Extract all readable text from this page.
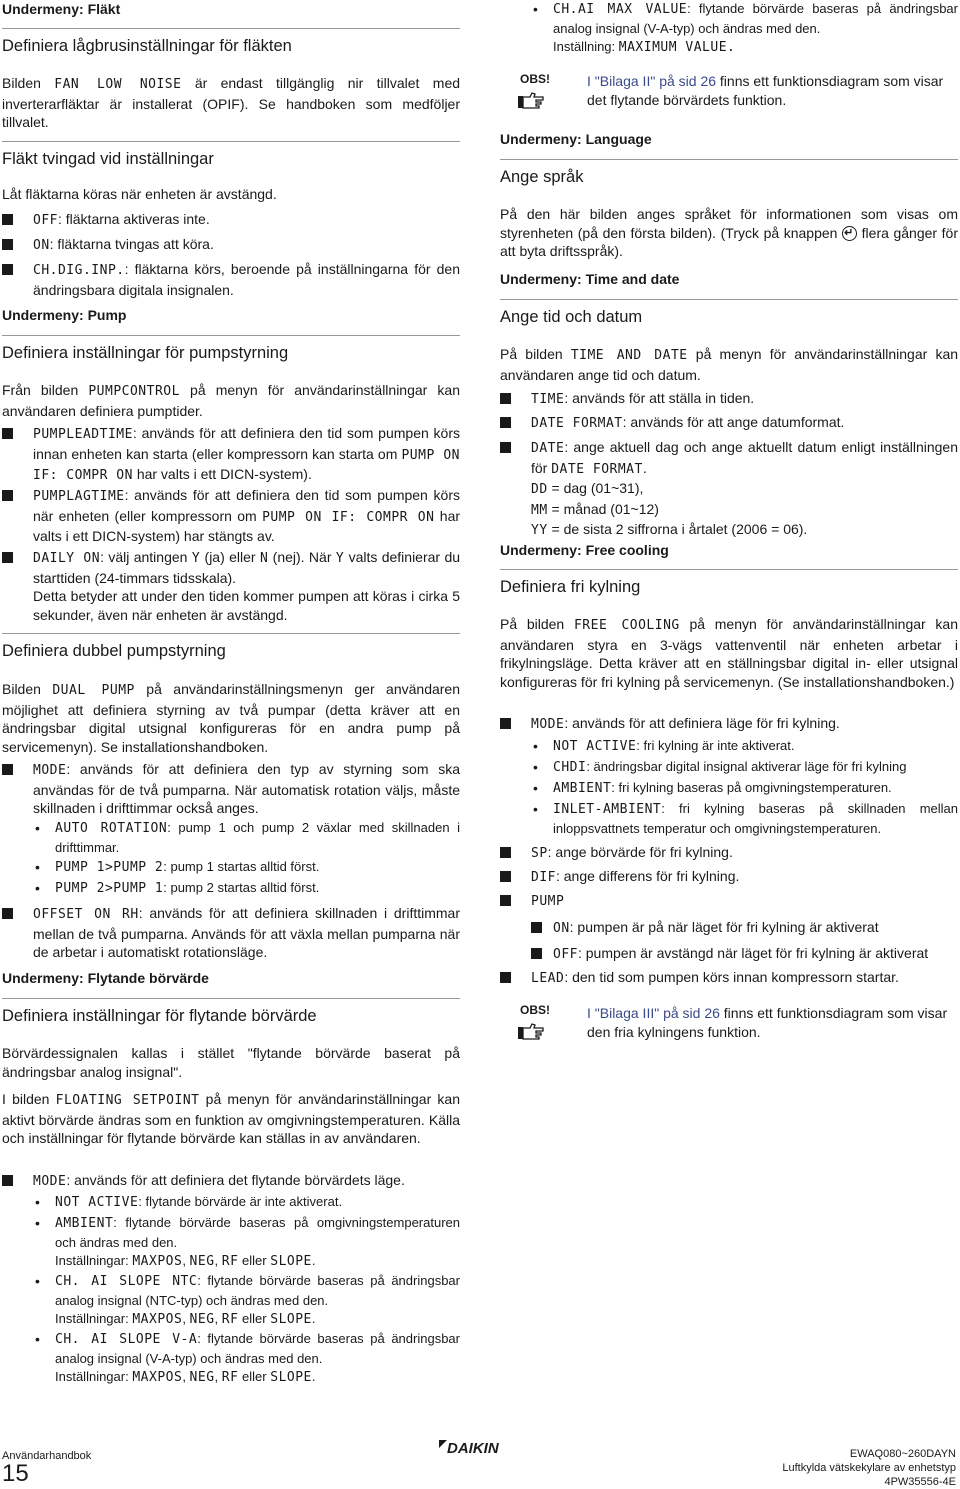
Undermeny: Fläkt
Definiera lågbrusinställningar för fläkten
Bilden FAN LOW NOISE är endast tillgänglig nir tillvalet med inverterarfläktar är installerat (OPIF). Se handboken som medföljer tillvalet.
Fläkt tvingad vid inställningar
Låt fläktarna köras när enheten är avstängd.
OFF: fläktarna aktiveras inte.
ON: fläktarna tvingas att köra.
CH.DIG.INP.: fläktarna körs, beroende på inställningarna för den ändringsbara digitala insignalen.
Undermeny: Pump
Definiera inställningar för pumpstyrning
Från bilden PUMPCONTROL på menyn för användarinställningar kan användaren definiera pumptider.
PUMPLEADTIME: används för att definiera den tid som pumpen körs innan enheten kan starta (eller kompressorn kan starta om PUMP ON IF: COMPR ON har valts i ett DICN-system).
PUMPLAGTIME: används för att definiera den tid som pumpen körs när enheten (eller kompressorn om PUMP ON IF: COMPR ON har valts i ett DICN-system) har stängts av.
DAILY ON: välj antingen Y (ja) eller N (nej). När Y valts definierar du starttiden (24-timmars tidsskala).
Detta betyder att under den tiden kommer pumpen att köras i cirka 5 sekunder, även när enheten är avstängd.
Definiera dubbel pumpstyrning
Bilden DUAL PUMP på användarinställningsmenyn ger användaren möjlighet att definiera styrning av två pumpar (detta kräver att en ändringsbar digital utsignal konfigureras för en andra pump på servicemenyn). Se installationshandboken.
MODE: används för att definiera den typ av styrning som ska användas för de två pumparna. När automatisk rotation väljs, måste skillnaden i drifttimmar också anges.
• AUTO ROTATION: pump 1 och pump 2 växlar med skillnaden i drifttimmar.
• PUMP 1>PUMP 2: pump 1 startas alltid först.
• PUMP 2>PUMP 1: pump 2 startas alltid först.
OFFSET ON RH: används för att definiera skillnaden i drifttimmar mellan de två pumparna. Används för att växla mellan pumparna när de arbetar i automatiskt rotationsläge.
Undermeny: Flytande börvärde
Definiera inställningar för flytande börvärde
Börvärdessignalen kallas i stället "flytande börvärde baserat på ändringsbar analog insignal".
I bilden FLOATING SETPOINT på menyn för användarinställningar kan aktivt börvärde ändras som en funktion av omgivningstemperaturen. Källa och inställningar för flytande börvärde kan ställas in av användaren.
MODE: används för att definiera det flytande börvärdets läge.
• NOT ACTIVE: flytande börvärde är inte aktiverat.
• AMBIENT: flytande börvärde baseras på omgivningstemperaturen och ändras med den.
Inställningar: MAXPOS, NEG, RF eller SLOPE.
• CH. AI SLOPE NTC: flytande börvärde baseras på ändringsbar analog insignal (NTC-typ) och ändras med den.
Inställningar: MAXPOS, NEG, RF eller SLOPE.
• CH. AI SLOPE V-A: flytande börvärde baseras på ändringsbar analog insignal (V-A-typ) och ändras med den.
Inställningar: MAXPOS, NEG, RF eller SLOPE.
• CH.AI MAX VALUE: flytande börvärde baseras på ändringsbar analog insignal (V-A-typ) och ändras med den.
Inställning: MAXIMUM VALUE.
OBS!	I "Bilaga II" på sid 26 finns ett funktionsdiagram som visar det flytande börvärdets funktion.
Undermeny: Language
Ange språk
På den här bilden anges språket för informationen som visas om styrenheten (på den första bilden). (Tryck på knappen ↵ flera gånger för att byta driftsspråk).
Undermeny: Time and date
Ange tid och datum
På bilden TIME AND DATE på menyn för användarinställningar kan användaren ange tid och datum.
TIME: används för att ställa in tiden.
DATE FORMAT: används för att ange datumformat.
DATE: ange aktuell dag och ange aktuellt datum enligt inställningen för DATE FORMAT.
DD = dag (01~31),
MM = månad (01~12)
YY = de sista 2 siffrorna i årtalet (2006 = 06).
Undermeny: Free cooling
Definiera fri kylning
På bilden FREE COOLING på menyn för användarinställningar kan användaren styra en 3-vägs vattenventil när enheten arbetar i frikylningsläge. Detta kräver att en ställningsbar digital in- eller utsignal konfigureras för fri kylning på servicemenyn. (Se installationshandboken.)
MODE: används för att definiera läge för fri kylning.
• NOT ACTIVE: fri kylning är inte aktiverat.
• CHDI: ändringsbar digital insignal aktiverar läge för fri kylning
• AMBIENT: fri kylning baseras på omgivningstemperaturen.
• INLET-AMBIENT: fri kylning baseras på skillnaden mellan inloppsvattnets temperatur och omgivningstemperaturen.
SP: ange börvärde för fri kylning.
DIF: ange differens för fri kylning.
PUMP
ON: pumpen är på när läget för fri kylning är aktiverat
OFF: pumpen är avstängd när läget för fri kylning är aktiverat
LEAD: den tid som pumpen körs innan kompressorn startar.
OBS!	I "Bilaga III" på sid 26 finns ett funktionsdiagram som visar den fria kylningens funktion.
Användarhandbok
15
DAIKIN	EWAQ080~260DAYN
Luftkylda vätskekylare av enhetstyp
4PW35556-4E
